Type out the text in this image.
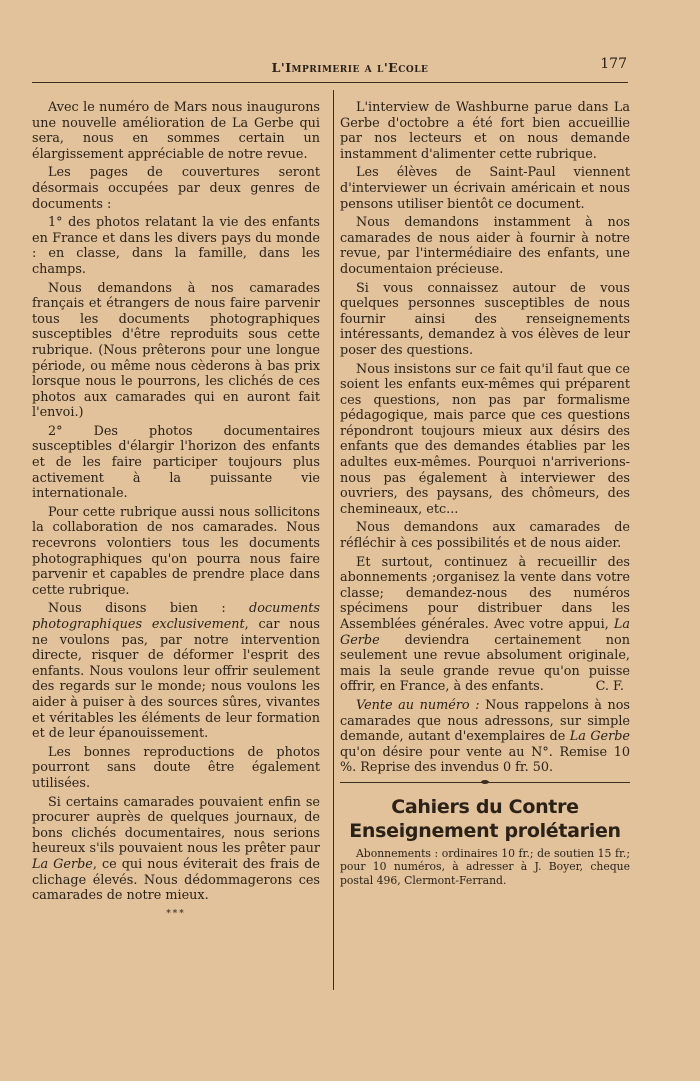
L'Imprimerie a l'Ecole	177

Avec le numéro de Mars nous inaugurons une nouvelle amélioration de La Gerbe qui sera, nous en sommes certain un élargissement appréciable de notre revue.

Les pages de couvertures seront désormais occupées par deux genres de documents :

1° des photos relatant la vie des enfants en France et dans les divers pays du monde : en classe, dans la famille, dans les champs.

Nous demandons à nos camarades français et étrangers de nous faire parvenir tous les documents photographiques susceptibles d'être reproduits sous cette rubrique. (Nous prêterons pour une longue période, ou même nous cèderons à bas prix lorsque nous le pourrons, les clichés de ces photos aux camarades qui en auront fait l'envoi.)

2° Des photos documentaires susceptibles d'élargir l'horizon des enfants et de les faire participer toujours plus activement à la puissante vie internationale.

Pour cette rubrique aussi nous sollicitons la collaboration de nos camarades. Nous recevrons volontiers tous les documents photographiques qu'on pourra nous faire parvenir et capables de prendre place dans cette rubrique.

Nous disons bien : documents photographiques exclusivement, car nous ne voulons pas, par notre intervention directe, risquer de déformer l'esprit des enfants. Nous voulons leur offrir seulement des regards sur le monde; nous voulons les aider à puiser à des sources sûres, vivantes et véritables les éléments de leur formation et de leur épanouissement.

Les bonnes reproductions de photos pourront sans doute être également utilisées.

Si certains camarades pouvaient enfin se procurer auprès de quelques journaux, de bons clichés documentaires, nous serions heureux s'ils pouvaient nous les prêter paur La Gerbe, ce qui nous éviterait des frais de clichage élevés. Nous dédommagerons ces camarades de notre mieux.

***

L'interview de Washburne parue dans La Gerbe d'octobre a été fort bien accueillie par nos lecteurs et on nous demande instamment d'alimenter cette rubrique.

Les élèves de Saint-Paul viennent d'interviewer un écrivain américain et nous pensons utiliser bientôt ce document.

Nous demandons instamment à nos camarades de nous aider à fournir à notre revue, par l'intermédiaire des enfants, une documentaion précieuse.

Si vous connaissez autour de vous quelques personnes susceptibles de nous fournir ainsi des renseignements intéressants, demandez à vos élèves de leur poser des questions.

Nous insistons sur ce fait qu'il faut que ce soient les enfants eux-mêmes qui préparent ces questions, non pas par formalisme pédagogique, mais parce que ces questions répondront toujours mieux aux désirs des enfants que des demandes établies par les adultes eux-mêmes. Pourquoi n'arriverions-nous pas également à interviewer des ouvriers, des paysans, des chômeurs, des chemineaux, etc...

Nous demandons aux camarades de réfléchir à ces possibilités et de nous aider.

Et surtout, continuez à recueillir des abonnements ;organisez la vente dans votre classe; demandez-nous des numéros spécimens pour distribuer dans les Assemblées générales. Avec votre appui, La Gerbe deviendra certainement non seulement une revue absolument originale, mais la seule grande revue qu'on puisse offrir, en France, à des enfants.	C. F.

Vente au numéro : Nous rappelons à nos camarades que nous adressons, sur simple demande, autant d'exemplaires de La Gerbe qu'on désire pour vente au N°. Remise 10 %. Reprise des invendus 0 fr. 50.

Cahiers du Contre Enseignement prolétarien

Abonnements : ordinaires 10 fr.; de soutien 15 fr.; pour 10 numéros, à adresser à J. Boyer, cheque postal 496, Clermont-Ferrand.
